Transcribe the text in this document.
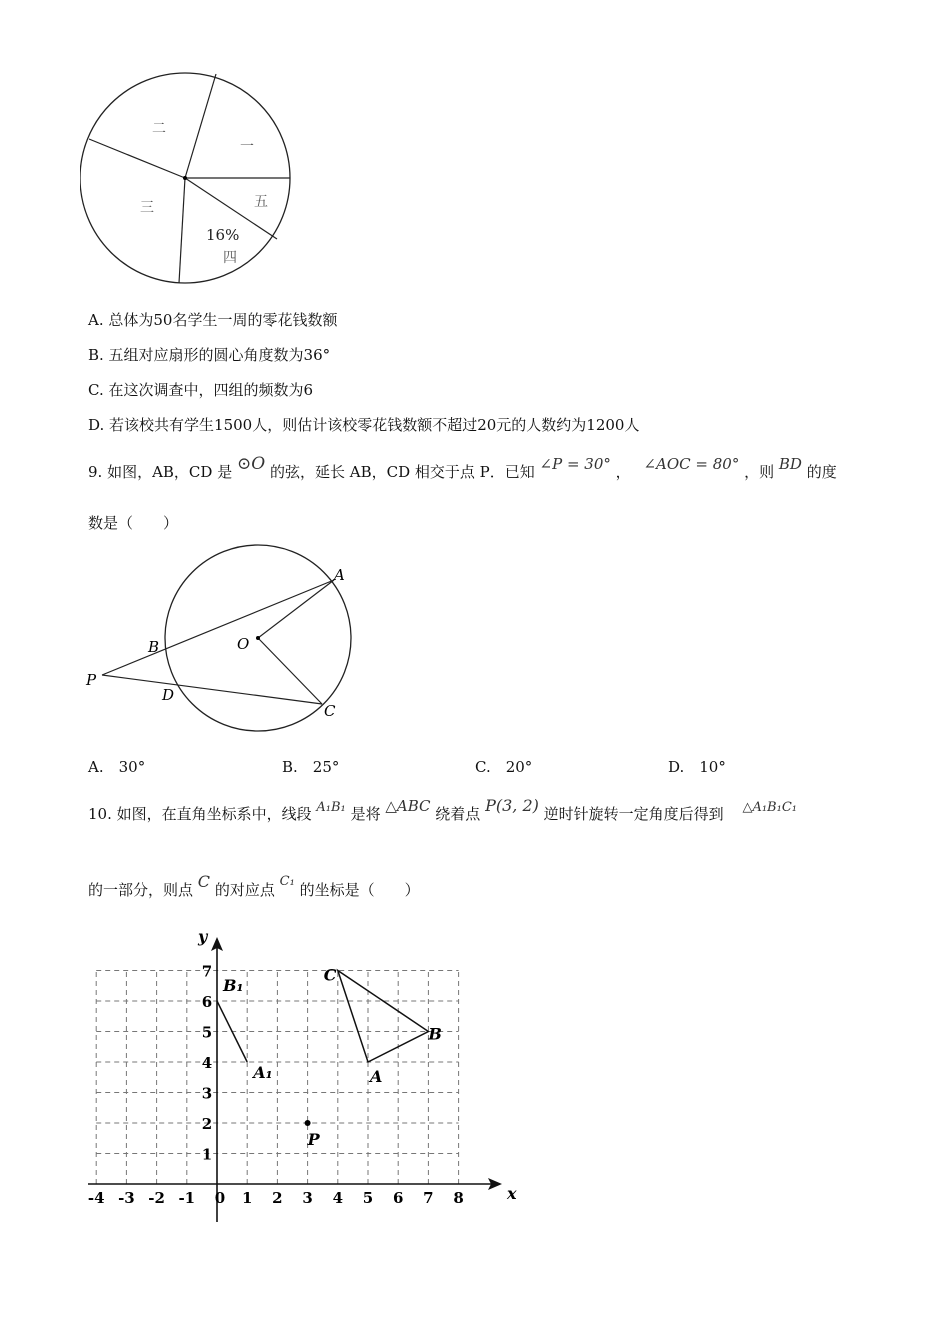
一
二
三
四
五
16%
A. 总体为50名学生一周的零花钱数额
B. 五组对应扇形的圆心角度数为36°
C. 在这次调查中，四组的频数为6
D. 若该校共有学生1500人，则估计该校零花钱数额不超过20元的人数约为1200人
9. 如图，AB，CD 是 ⊙O 的弦，延长 AB，CD 相交于点 P．已知 ∠P = 30° ， ∠AOC = 80° ，则 BD 的度
数是（　　）
A
B
C
D
O
P
A.　30°	B.　25°	C.　20°	D.　10°
10. 如图，在直角坐标系中，线段 A₁B₁ 是将 △ABC 绕着点 P(3, 2) 逆时针旋转一定角度后得到 △A₁B₁C₁
的一部分，则点 C 的对应点 C₁ 的坐标是（　　）
x
y
-4 -3 -2 -1 0 1 2 3 4 5 6 7 8
1
2
3
4
5
6
7
A
B
C
A₁
B₁
P
